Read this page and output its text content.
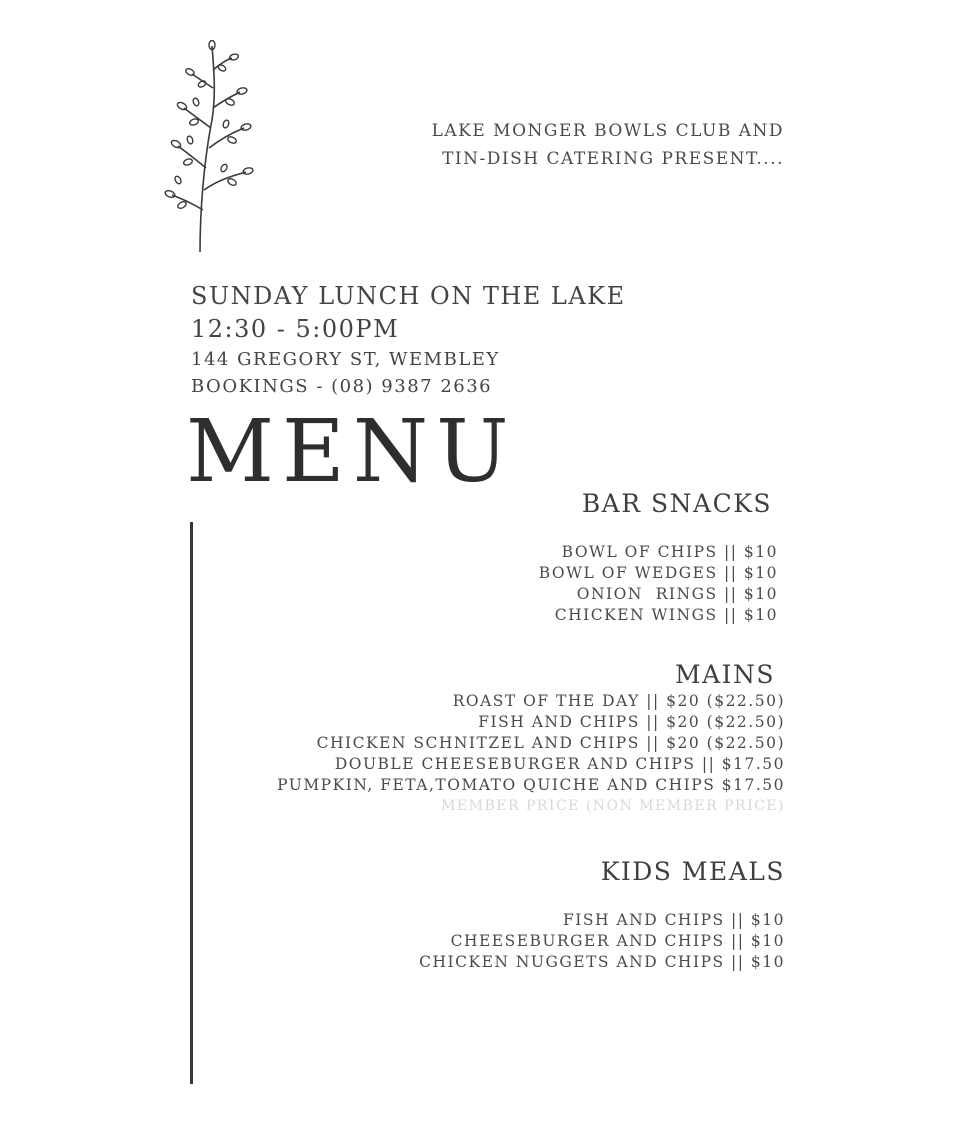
LAKE MONGER BOWLS CLUB AND
TIN-DISH CATERING PRESENT....
SUNDAY LUNCH ON THE LAKE
12:30 - 5:00PM
144 GREGORY ST, WEMBLEY
BOOKINGS - (08) 9387 2636
MENU
BAR SNACKS
BOWL OF CHIPS || $10
BOWL OF WEDGES || $10
ONION  RINGS || $10
CHICKEN WINGS || $10
MAINS
ROAST OF THE DAY || $20 ($22.50)
FISH AND CHIPS || $20 ($22.50)
CHICKEN SCHNITZEL AND CHIPS || $20 ($22.50)
DOUBLE CHEESEBURGER AND CHIPS || $17.50
PUMPKIN, FETA,TOMATO QUICHE AND CHIPS $17.50
MEMBER PRICE (NON MEMBER PRICE)
KIDS MEALS
FISH AND CHIPS || $10
CHEESEBURGER AND CHIPS || $10
CHICKEN NUGGETS AND CHIPS || $10
